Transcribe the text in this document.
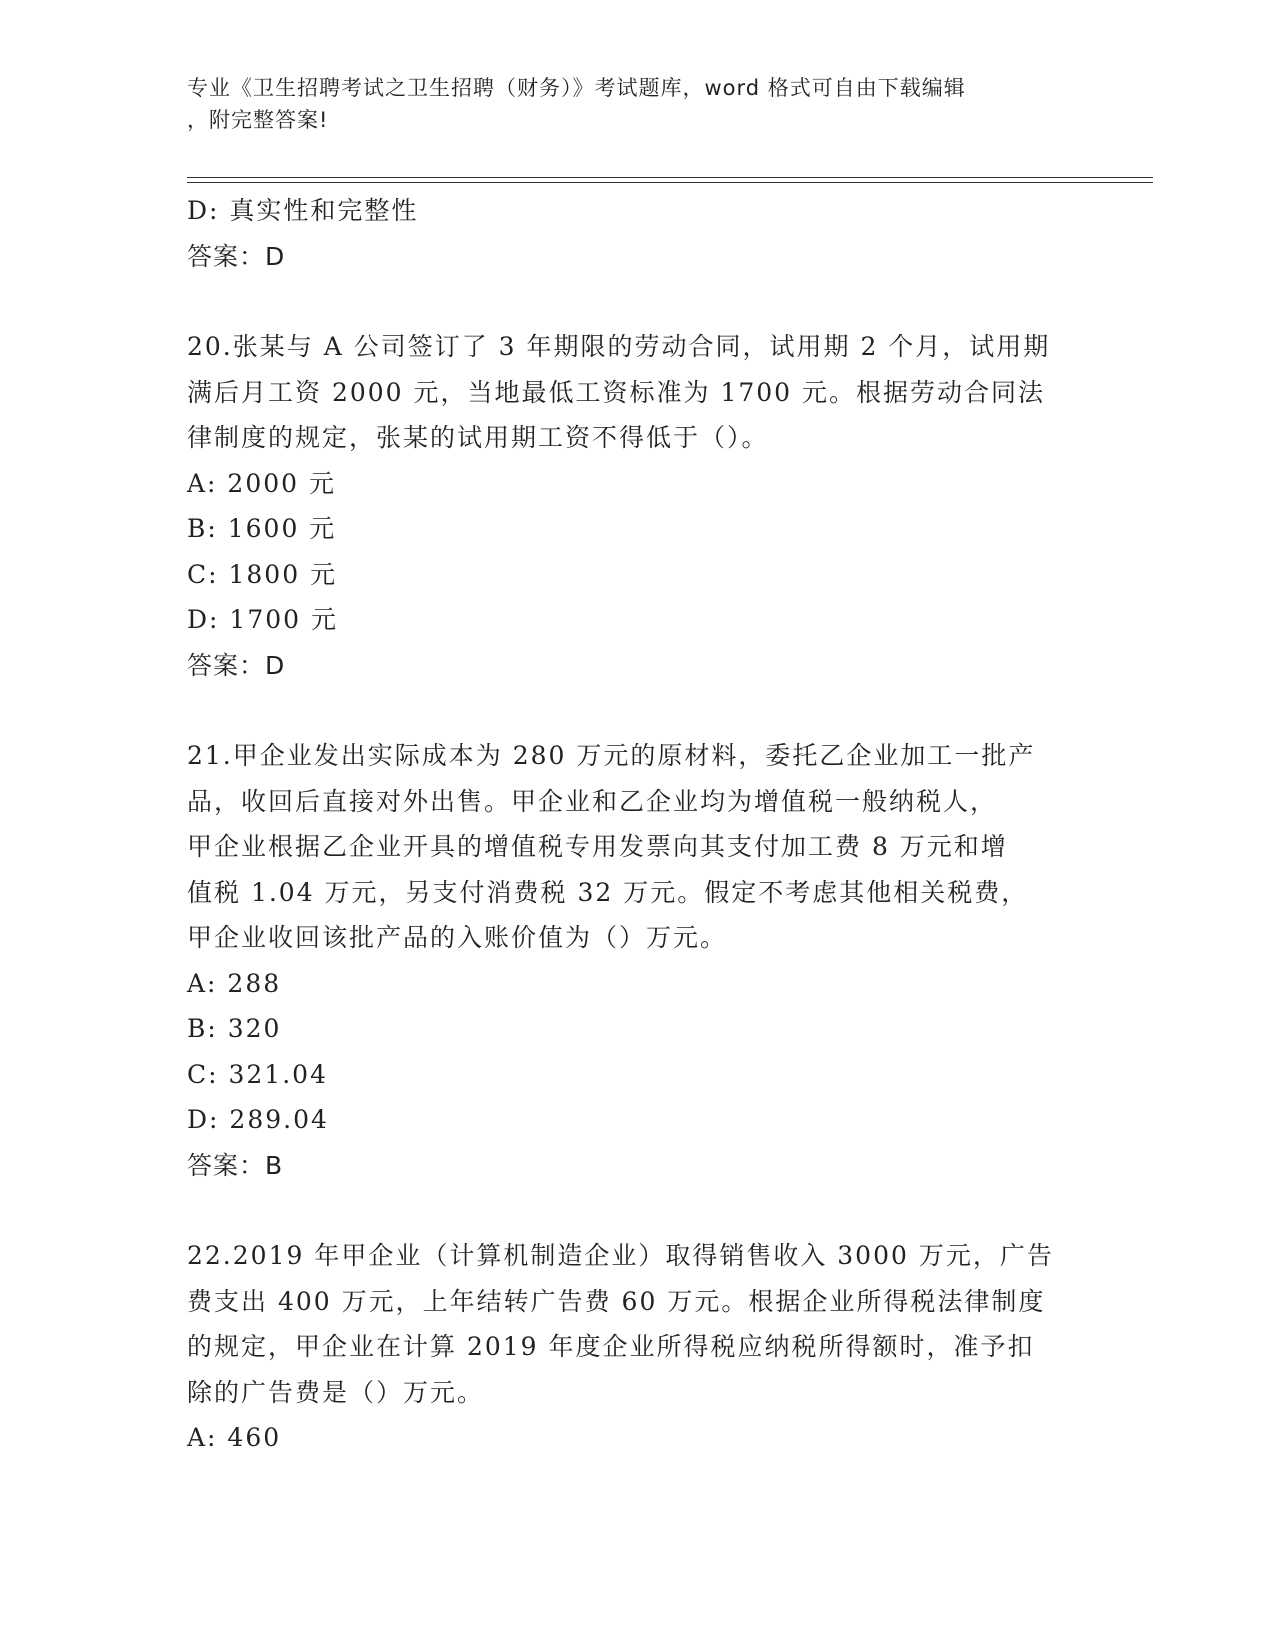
专业《卫生招聘考试之卫生招聘（财务）》考试题库，word 格式可自由下载编辑
，附完整答案!
D: 真实性和完整性
答案：D
20.张某与 A 公司签订了 3 年期限的劳动合同，试用期 2 个月，试用期
满后月工资 2000 元，当地最低工资标准为 1700 元。根据劳动合同法
律制度的规定，张某的试用期工资不得低于（）。
A: 2000 元
B: 1600 元
C: 1800 元
D: 1700 元
答案：D
21.甲企业发出实际成本为 280 万元的原材料，委托乙企业加工一批产
品，收回后直接对外出售。甲企业和乙企业均为增值税一般纳税人，
甲企业根据乙企业开具的增值税专用发票向其支付加工费 8 万元和增
值税 1.04 万元，另支付消费税 32 万元。假定不考虑其他相关税费，
甲企业收回该批产品的入账价值为（）万元。
A: 288
B: 320
C: 321.04
D: 289.04
答案：B
22.2019 年甲企业（计算机制造企业）取得销售收入 3000 万元，广告
费支出 400 万元，上年结转广告费 60 万元。根据企业所得税法律制度
的规定，甲企业在计算 2019 年度企业所得税应纳税所得额时，准予扣
除的广告费是（）万元。
A: 460
